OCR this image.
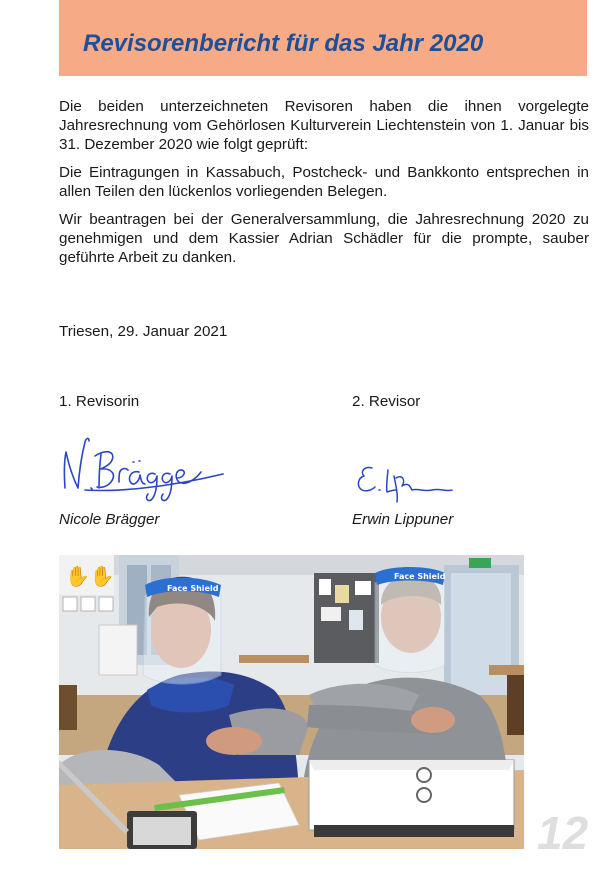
Revisorenbericht für das Jahr 2020

Die beiden unterzeichneten Revisoren haben die ihnen vorgelegte Jahresrechnung vom Gehörlosen Kulturverein Liechtenstein von 1. Januar bis 31. Dezember 2020 wie folgt geprüft:

Die Eintragungen in Kassabuch, Postcheck- und Bankkonto entsprechen in allen Teilen den lückenlos vorliegenden Belegen.

Wir beantragen bei der Generalversammlung, die Jahresrechnung 2020 zu genehmigen und dem Kassier Adrian Schädler für die prompte, sauber geführte Arbeit zu danken.

Triesen, 29. Januar 2021

1. Revisorin

Nicole Brägger

2. Revisor

Erwin Lippuner

✋✋
Face Shield
Face Shield

12
